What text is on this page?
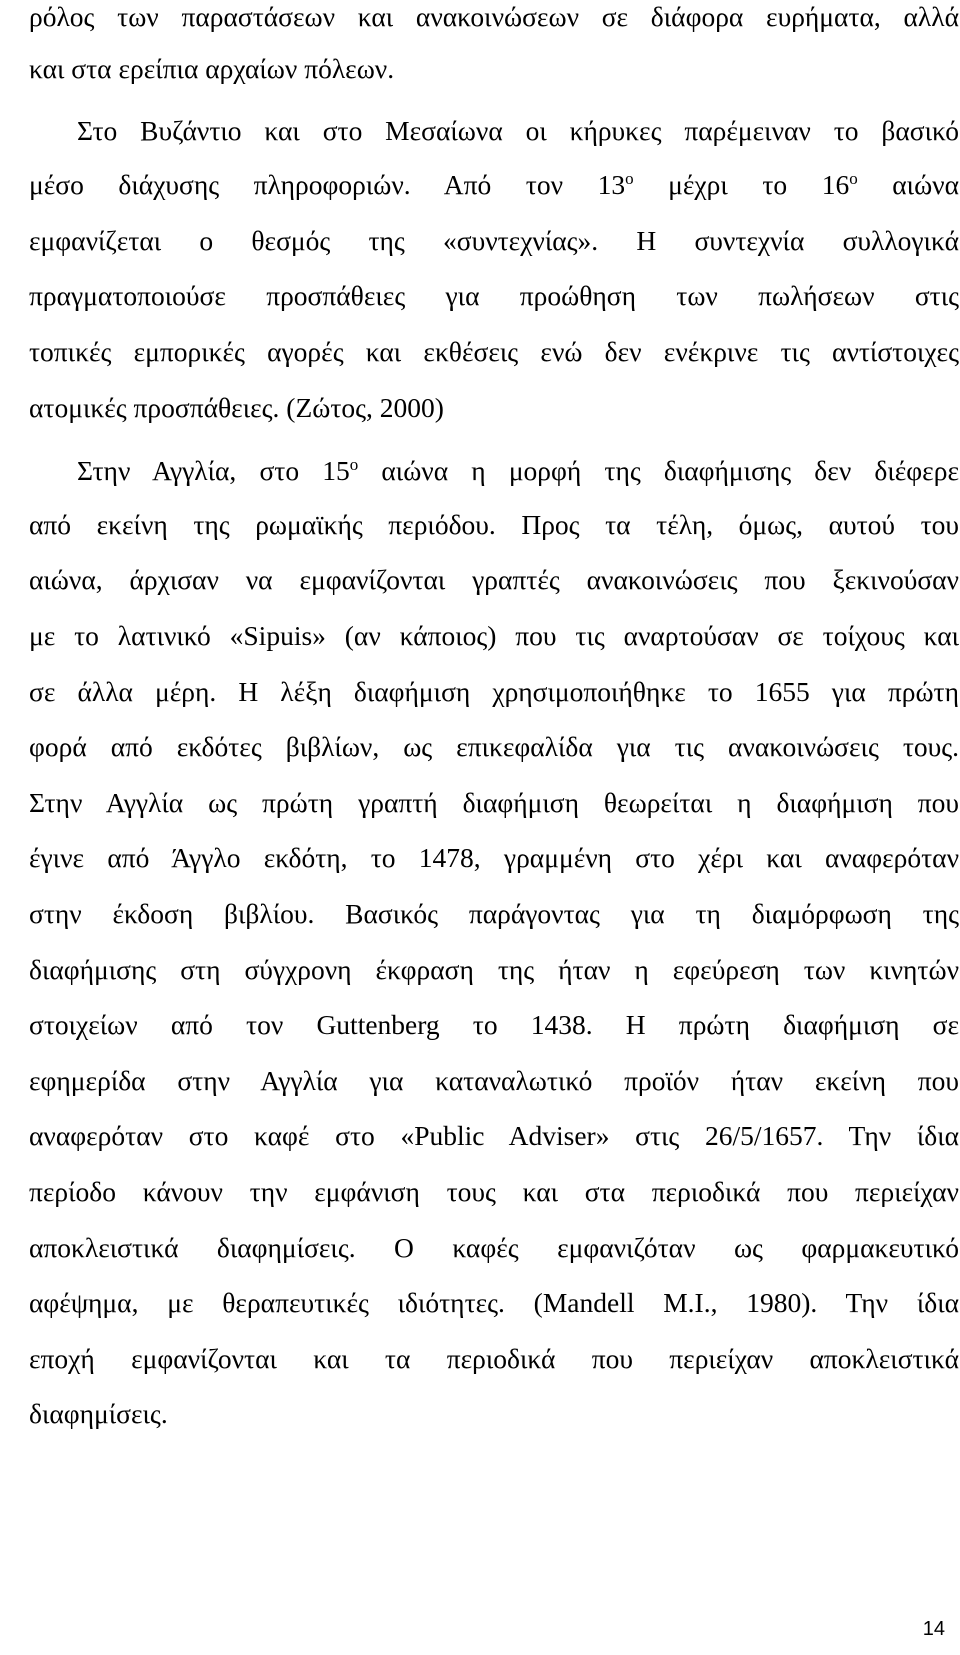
ρόλος των παραστάσεων και ανακοινώσεων σε διάφορα ευρήματα, αλλά
και στα ερείπια αρχαίων πόλεων.
Στο Βυζάντιο και στο Μεσαίωνα οι κήρυκες παρέμειναν το βασικό
μέσο διάχυσης πληροφοριών. Από τον $13^o$ μέχρι το $16^o$ αιώνα
εμφανίζεται ο θεσμός της «συντεχνίας». Η συντεχνία συλλογικά
πραγματοποιούσε προσπάθειες για προώθηση των πωλήσεων στις
τοπικές εμπορικές αγορές και εκθέσεις ενώ δεν ενέκρινε τις αντίστοιχες
ατομικές προσπάθειες. (Ζώτος, 2000)
Στην Αγγλία, στο $15^o$ αιώνα η μορφή της διαφήμισης δεν διέφερε
από εκείνη της ρωμαϊκής περιόδου. Προς τα τέλη, όμως, αυτού του
αιώνα, άρχισαν να εμφανίζονται γραπτές ανακοινώσεις που ξεκινούσαν
με το λατινικό «Sipuis» (αν κάποιος) που τις αναρτούσαν σε τοίχους και
σε άλλα μέρη. Η λέξη διαφήμιση χρησιμοποιήθηκε το 1655 για πρώτη
φορά από εκδότες βιβλίων, ως επικεφαλίδα για τις ανακοινώσεις τους.
Στην Αγγλία ως πρώτη γραπτή διαφήμιση θεωρείται η διαφήμιση που
έγινε από Άγγλο εκδότη, το 1478, γραμμένη στο χέρι και αναφερόταν
στην έκδοση βιβλίου. Βασικός παράγοντας για τη διαμόρφωση της
διαφήμισης στη σύγχρονη έκφραση της ήταν η εφεύρεση των κινητών
στοιχείων από τον Guttenberg το 1438. Η πρώτη διαφήμιση σε
εφημερίδα στην Αγγλία για καταναλωτικό προϊόν ήταν εκείνη που
αναφερόταν στο καφέ στο «Public Adviser» στις 26/5/1657. Την ίδια
περίοδο κάνουν την εμφάνιση τους και στα περιοδικά που περιείχαν
αποκλειστικά διαφημίσεις. Ο καφές εμφανιζόταν ως φαρμακευτικό
αφέψημα, με θεραπευτικές ιδιότητες. (Mandell M.I., 1980). Την ίδια
εποχή εμφανίζονται και τα περιοδικά που περιείχαν αποκλειστικά
διαφημίσεις.
14
